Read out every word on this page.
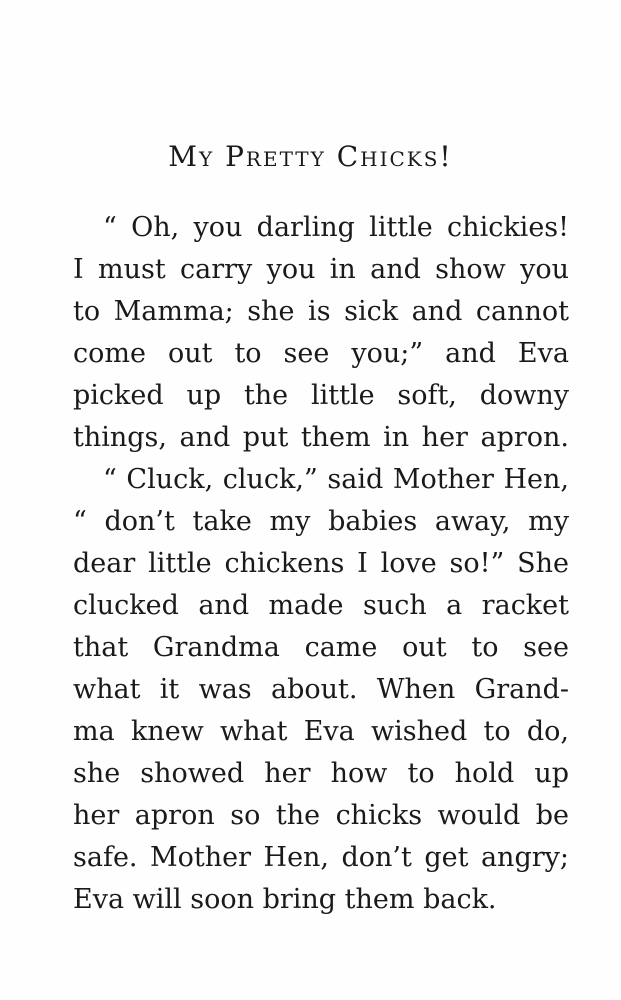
My Pretty Chicks!
“ Oh, you darling little chickies!
I must carry you in and show you
to Mamma; she is sick and cannot
come out to see you;” and Eva
picked up the little soft, downy
things, and put them in her apron.
“ Cluck, cluck,” said Mother Hen,
“ don’t take my babies away, my
dear little chickens I love so!” She
clucked and made such a racket
that Grandma came out to see
what it was about. When Grand-
ma knew what Eva wished to do,
she showed her how to hold up
her apron so the chicks would be
safe. Mother Hen, don’t get angry;
Eva will soon bring them back.
